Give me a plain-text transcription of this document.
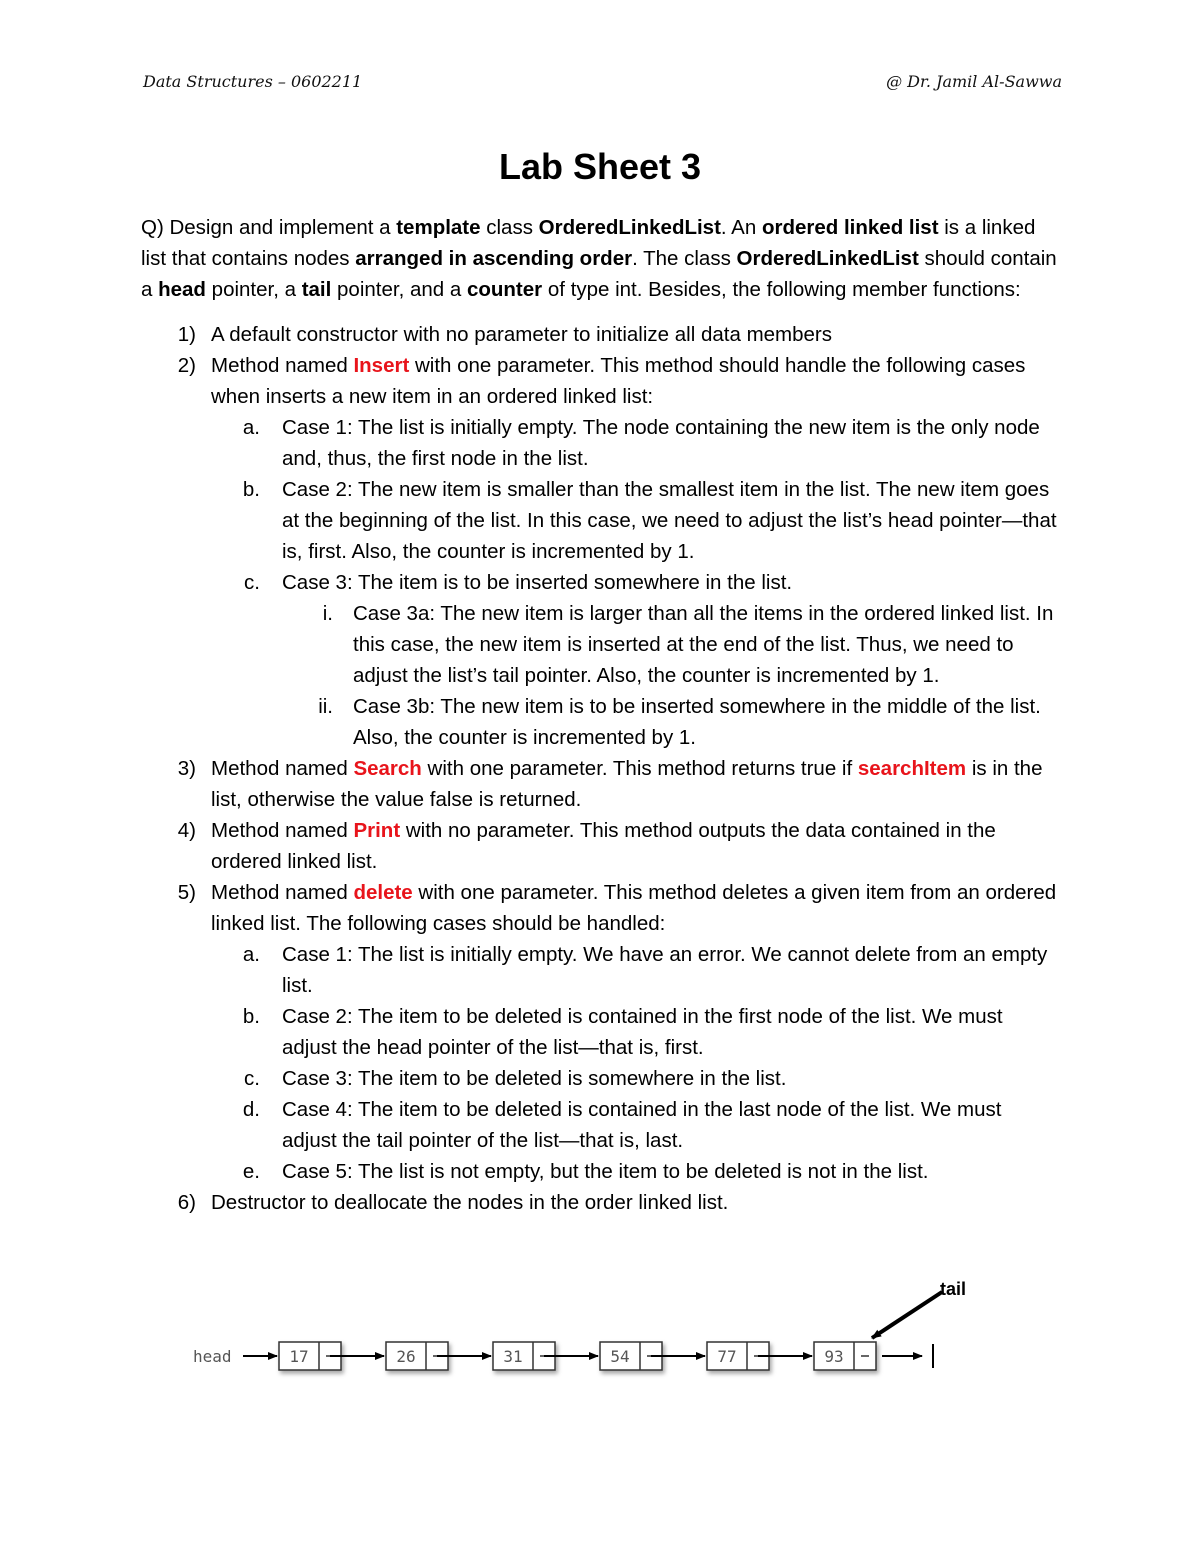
Data Structures – 0602211	@ Dr. Jamil Al-Sawwa
Lab Sheet 3

Q) Design and implement a template class OrderedLinkedList. An ordered linked list is a linked list that contains nodes arranged in ascending order. The class OrderedLinkedList should contain a head pointer, a tail pointer, and a counter of type int. Besides, the following member functions:

1) A default constructor with no parameter to initialize all data members
2) Method named Insert with one parameter. This method should handle the following cases when inserts a new item in an ordered linked list:
a. Case 1: The list is initially empty. The node containing the new item is the only node and, thus, the first node in the list.
b. Case 2: The new item is smaller than the smallest item in the list. The new item goes at the beginning of the list. In this case, we need to adjust the list’s head pointer—that is, first. Also, the counter is incremented by 1.
c. Case 3: The item is to be inserted somewhere in the list.
i. Case 3a: The new item is larger than all the items in the ordered linked list. In this case, the new item is inserted at the end of the list. Thus, we need to adjust the list’s tail pointer. Also, the counter is incremented by 1.
ii. Case 3b: The new item is to be inserted somewhere in the middle of the list. Also, the counter is incremented by 1.
3) Method named Search with one parameter. This method returns true if searchItem is in the list, otherwise the value false is returned.
4) Method named Print with no parameter. This method outputs the data contained in the ordered linked list.
5) Method named delete with one parameter. This method deletes a given item from an ordered linked list. The following cases should be handled:
a. Case 1: The list is initially empty. We have an error. We cannot delete from an empty list.
b. Case 2: The item to be deleted is contained in the first node of the list. We must adjust the head pointer of the list—that is, first.
c. Case 3: The item to be deleted is somewhere in the list.
d. Case 4: The item to be deleted is contained in the last node of the list. We must adjust the tail pointer of the list—that is, last.
e. Case 5: The list is not empty, but the item to be deleted is not in the list.
6) Destructor to deallocate the nodes in the order linked list.
head	17	26	31	54	77	93
tail
